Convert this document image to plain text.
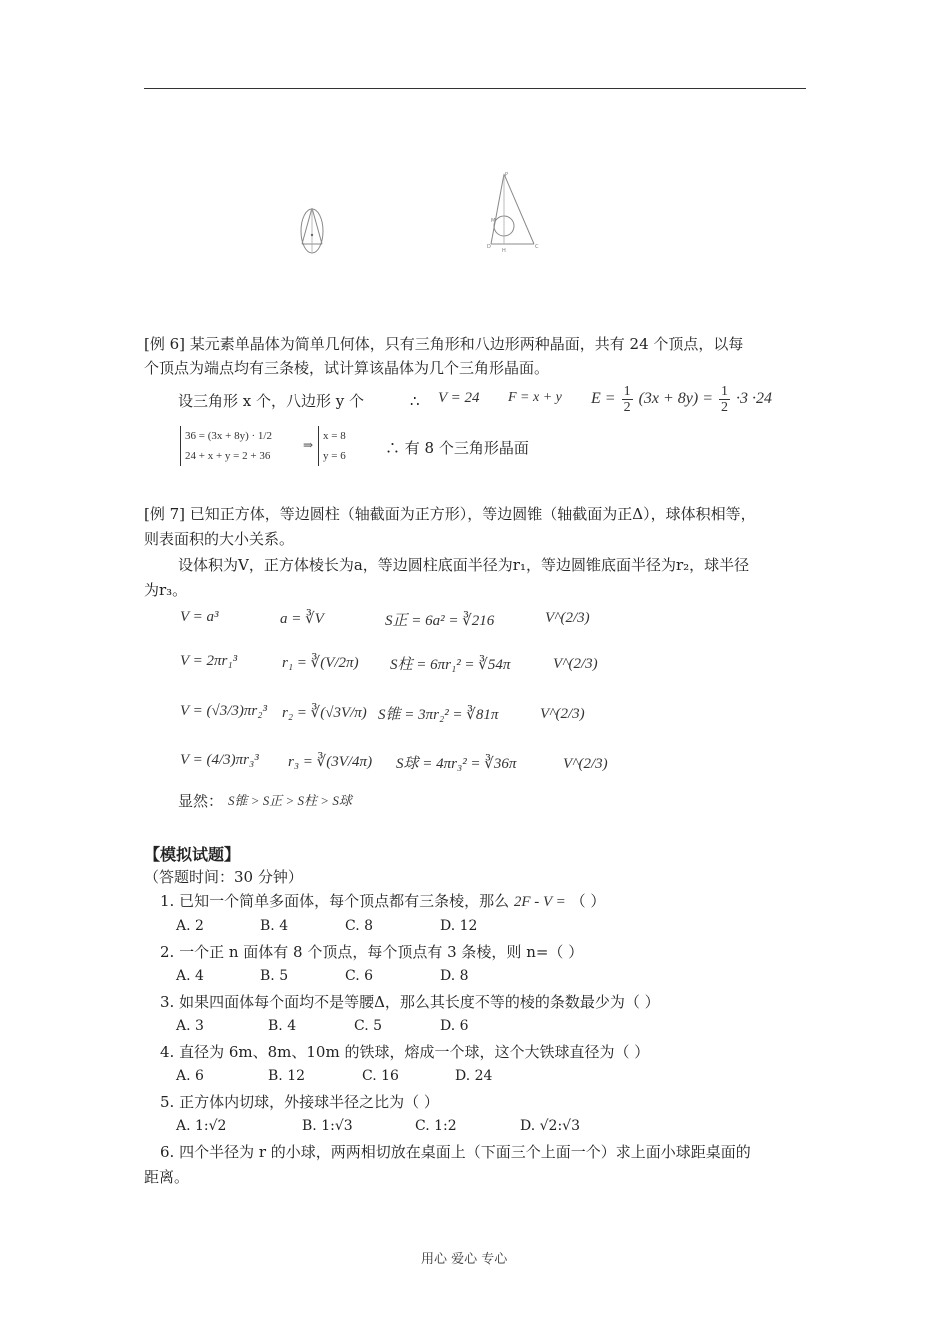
P
D	C
H
M
[例 6] 某元素单晶体为简单几何体，只有三角形和八边形两种晶面，共有 24 个顶点，以每
个顶点为端点均有三条棱，试计算该晶体为几个三角形晶面。
设三角形 x 个，八边形 y 个	∴ V = 24 F = x + y $E = \frac{1}{2} (3x + 8y) = \frac{1}{2} \cdot 3 \cdot 24$
36 = (3x + 8y) · 1/2
24 + x + y = 2 + 36
⇒
x = 8
y = 6	∴ 有 8 个三角形晶面
[例 7] 已知正方体，等边圆柱（轴截面为正方形），等边圆锥（轴截面为正Δ），球体积相等，
则表面积的大小关系。
设体积为V，正方体棱长为a，等边圆柱底面半径为r₁，等边圆锥底面半径为r₂，球半径
为r₃。
V = a³	a = ∛V	S正 = 6a² = ∛216	V^(2/3)
V = 2πr₁³	r₁ = ∛(V/2π) S柱 = 6πr₁² = ∛54π	V^(2/3)
V = (√3/3)πr₂³ r₂ = ∛(√3V/π) S锥 = 3πr₂² = ∛81π	V^(2/3)
V = (4/3)πr₃³ r₃ = ∛(3V/4π) S球 = 4πr₃² = ∛36π	V^(2/3)
显然： S锥 > S正 > S柱 > S球
【模拟试题】
（答题时间：30 分钟）
1. 已知一个简单多面体，每个顶点都有三条棱，那么 2F - V = （ ）
A. 2	B. 4	C. 8	D. 12
2. 一个正 n 面体有 8 个顶点，每个顶点有 3 条棱，则 n=（ ）
A. 4	B. 5	C. 6	D. 8
3. 如果四面体每个面均不是等腰Δ，那么其长度不等的棱的条数最少为（ ）
A. 3	B. 4	C. 5	D. 6
4. 直径为 6m、8m、10m 的铁球，熔成一个球，这个大铁球直径为（ ）
A. 6	B. 12	C. 16	D. 24
5. 正方体内切球，外接球半径之比为（ ）
A. 1:√2	B. 1:√3	C. 1:2	D. √2:√3
6. 四个半径为 r 的小球，两两相切放在桌面上（下面三个上面一个）求上面小球距桌面的
距离。
用心 爱心 专心
